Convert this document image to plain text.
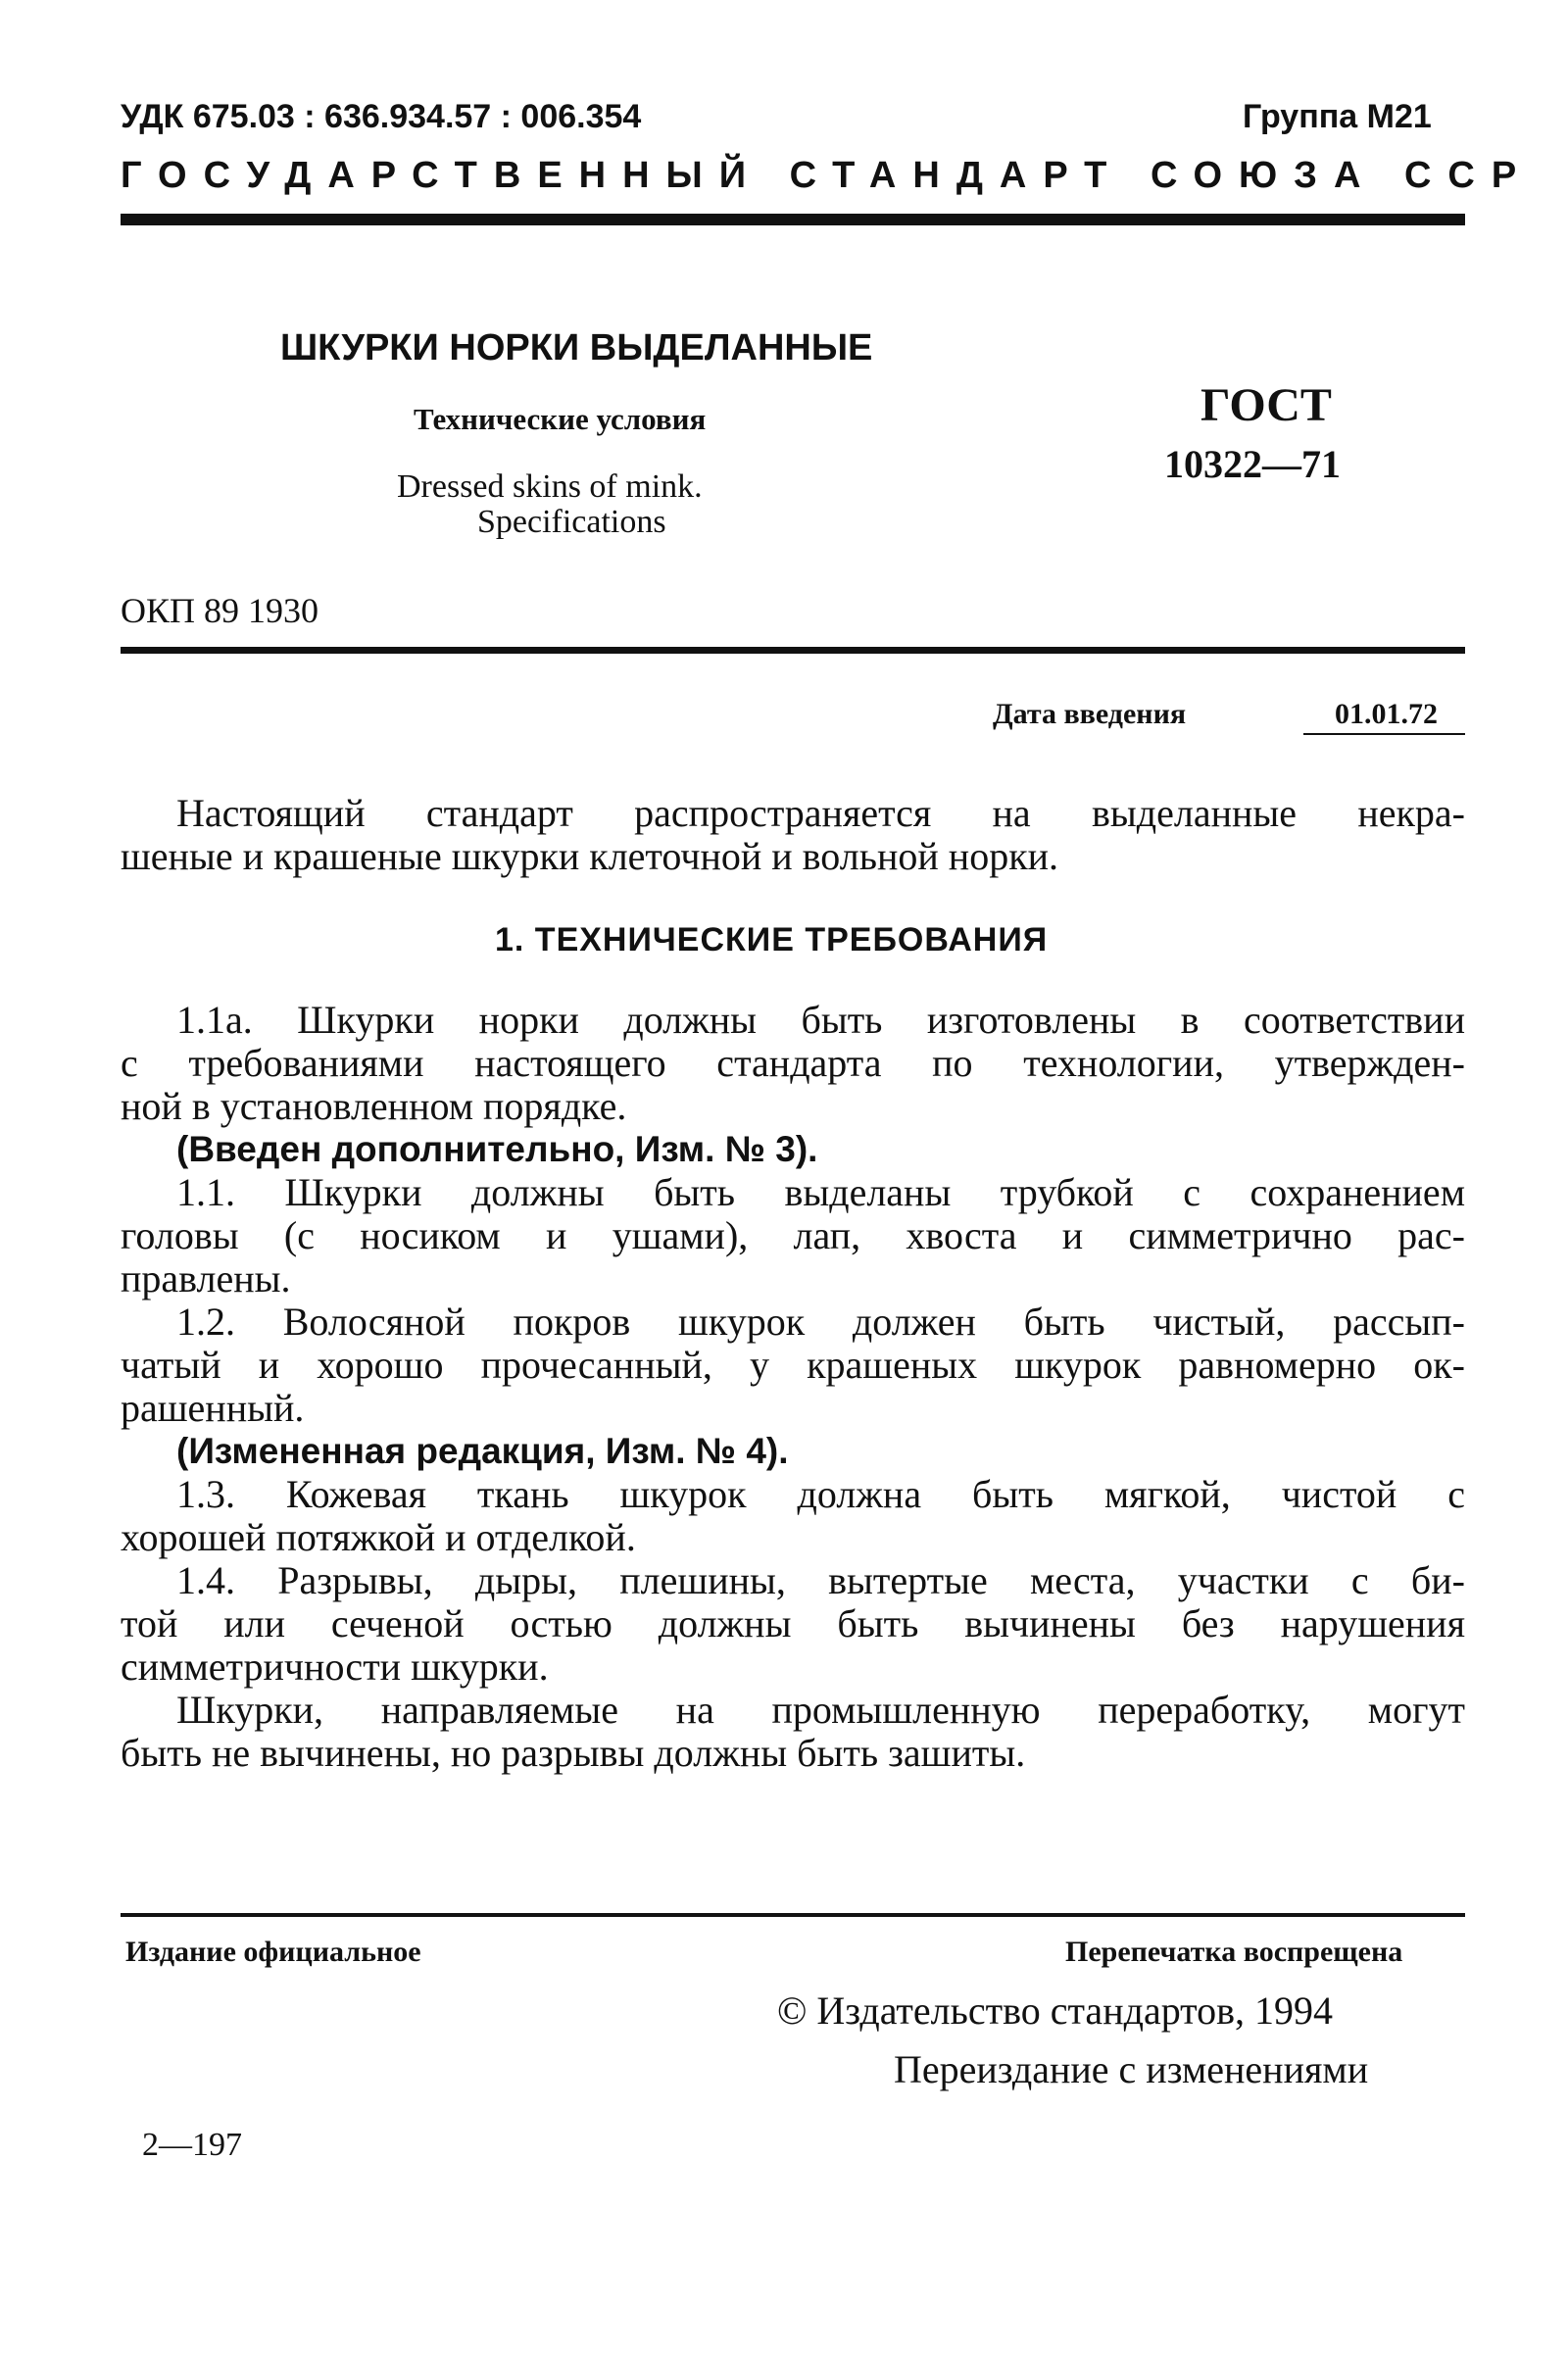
УДК 675.03 : 636.934.57 : 006.354	Группа М21
ГОСУДАРСТВЕННЫЙ СТАНДАРТ СОЮЗА ССР
ШКУРКИ НОРКИ ВЫДЕЛАННЫЕ
Технические условия
Dressed skins of mink.
Specifications
ГОСТ
10322—71
ОКП 89 1930
Дата введения	01.01.72
Настоящий стандарт распространяется на выделанные некра-
шеные и крашеные шкурки клеточной и вольной норки.
1. ТЕХНИЧЕСКИЕ ТРЕБОВАНИЯ
1.1а. Шкурки норки должны быть изготовлены в соответствии
с требованиями настоящего стандарта по технологии, утвержден-
ной в установленном порядке.
(Введен дополнительно, Изм. № 3).
1.1. Шкурки должны быть выделаны трубкой с сохранением
головы (с носиком и ушами), лап, хвоста и симметрично рас-
правлены.
1.2. Волосяной покров шкурок должен быть чистый, рассып-
чатый и хорошо прочесанный, у крашеных шкурок равномерно ок-
рашенный.
(Измененная редакция, Изм. № 4).
1.3. Кожевая ткань шкурок должна быть мягкой, чистой с
хорошей потяжкой и отделкой.
1.4. Разрывы, дыры, плешины, вытертые места, участки с би-
той или сеченой остью должны быть вычинены без нарушения
симметричности шкурки.
Шкурки, направляемые на промышленную переработку, могут
быть не вычинены, но разрывы должны быть зашиты.
Издание официальное	Перепечатка воспрещена
© Издательство стандартов, 1994
Переиздание с изменениями
2—197
